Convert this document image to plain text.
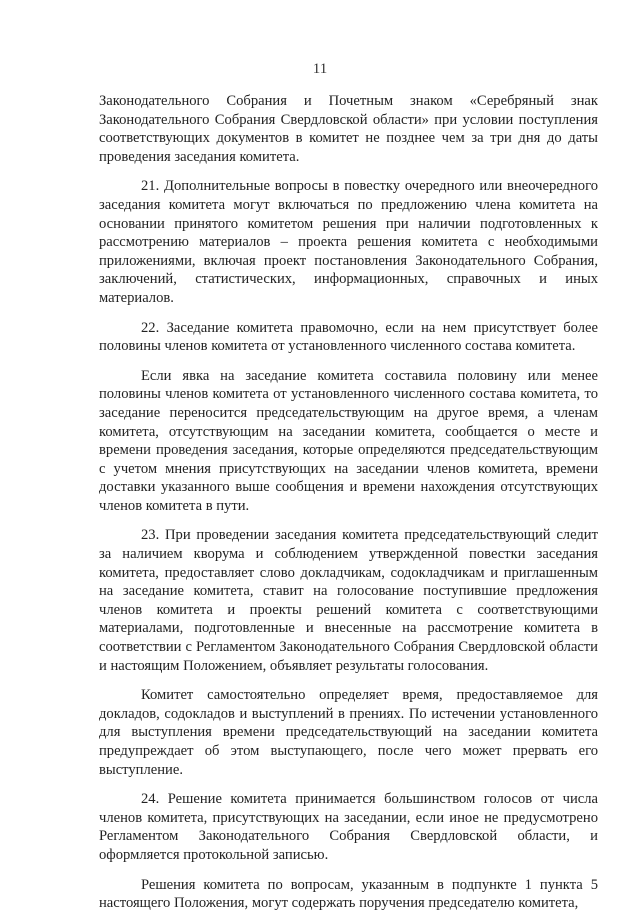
11

Законодательного Собрания и Почетным знаком «Серебряный знак Законодательного Собрания Свердловской области» при условии поступления соответствующих документов в комитет не позднее чем за три дня до даты проведения заседания комитета.

21. Дополнительные вопросы в повестку очередного или внеочередного заседания комитета могут включаться по предложению члена комитета на основании принятого комитетом решения при наличии подготовленных к рассмотрению материалов – проекта решения комитета с необходимыми приложениями, включая проект постановления Законодательного Собрания, заключений, статистических, информационных, справочных и иных материалов.

22. Заседание комитета правомочно, если на нем присутствует более половины членов комитета от установленного численного состава комитета.

Если явка на заседание комитета составила половину или менее половины членов комитета от установленного численного состава комитета, то заседание переносится председательствующим на другое время, а членам комитета, отсутствующим на заседании комитета, сообщается о месте и времени проведения заседания, которые определяются председательствующим с учетом мнения присутствующих на заседании членов комитета, времени доставки указанного выше сообщения и времени нахождения отсутствующих членов комитета в пути.

23. При проведении заседания комитета председательствующий следит за наличием кворума и соблюдением утвержденной повестки заседания комитета, предоставляет слово докладчикам, содокладчикам и приглашенным на заседание комитета, ставит на голосование поступившие предложения членов комитета и проекты решений комитета с соответствующими материалами, подготовленные и внесенные на рассмотрение комитета в соответствии с Регламентом Законодательного Собрания Свердловской области и настоящим Положением, объявляет результаты голосования.

Комитет самостоятельно определяет время, предоставляемое для докладов, содокладов и выступлений в прениях. По истечении установленного для выступления времени председательствующий на заседании комитета предупреждает об этом выступающего, после чего может прервать его выступление.

24. Решение комитета принимается большинством голосов от числа членов комитета, присутствующих на заседании, если иное не предусмотрено Регламентом Законодательного Собрания Свердловской области, и оформляется протокольной записью.

Решения комитета по вопросам, указанным в подпункте 1 пункта 5 настоящего Положения, могут содержать поручения председателю комитета,
